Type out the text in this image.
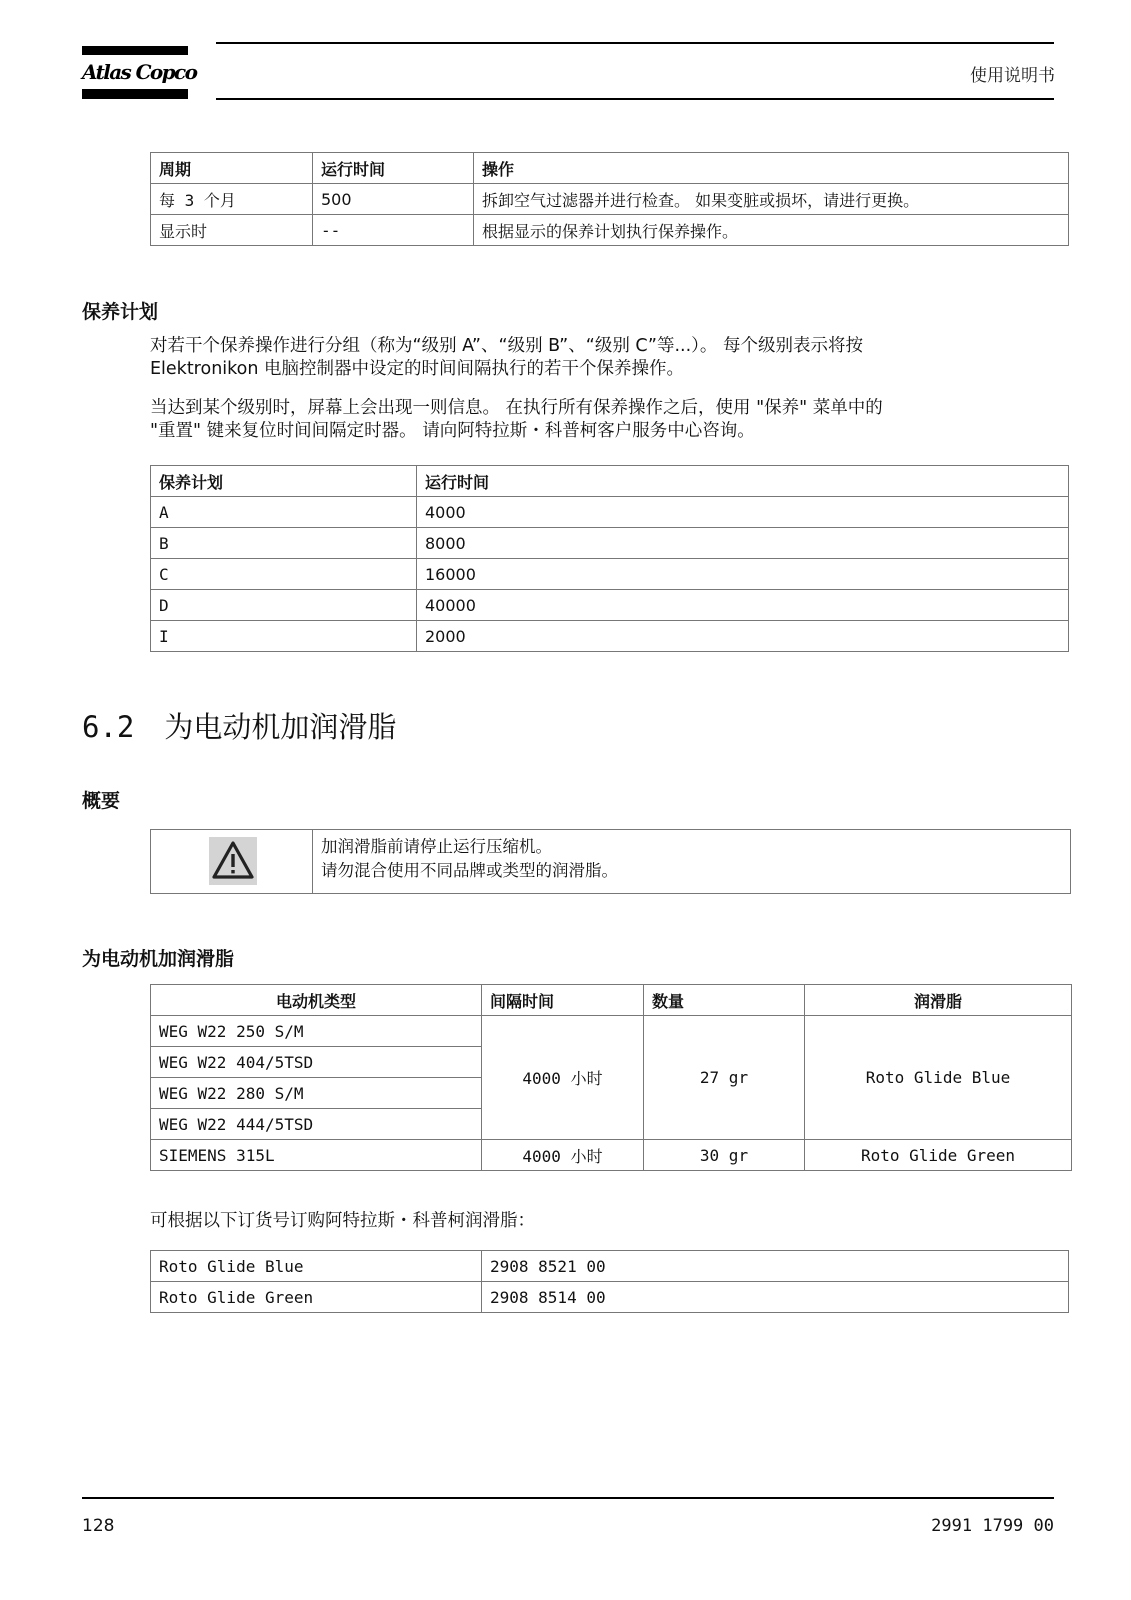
Atlas Copco	使用说明书
周期	运行时间	操作
每 3 个月	500	拆卸空气过滤器并进行检查。 如果变脏或损坏，请进行更换。
显示时	--	根据显示的保养计划执行保养操作。
保养计划
对若干个保养操作进行分组（称为“级别 A”、“级别 B”、“级别 C”等...）。 每个级别表示将按
Elektronikon 电脑控制器中设定的时间间隔执行的若干个保养操作。
当达到某个级别时，屏幕上会出现一则信息。 在执行所有保养操作之后，使用 "保养" 菜单中的
"重置" 键来复位时间间隔定时器。 请向阿特拉斯・科普柯客户服务中心咨询。
保养计划	运行时间
A	4000
B	8000
C	16000
D	40000
I	2000
6.2 为电动机加润滑脂
概要
加润滑脂前请停止运行压缩机。
请勿混合使用不同品牌或类型的润滑脂。
为电动机加润滑脂
电动机类型	间隔时间	数量	润滑脂
WEG W22 250 S/M	4000 小时	27 gr	Roto Glide Blue
WEG W22 404/5TSD			
WEG W22 280 S/M			
WEG W22 444/5TSD			
SIEMENS 315L	4000 小时	30 gr	Roto Glide Green
可根据以下订货号订购阿特拉斯・科普柯润滑脂：
Roto Glide Blue	2908 8521 00
Roto Glide Green	2908 8514 00
128	2991 1799 00
